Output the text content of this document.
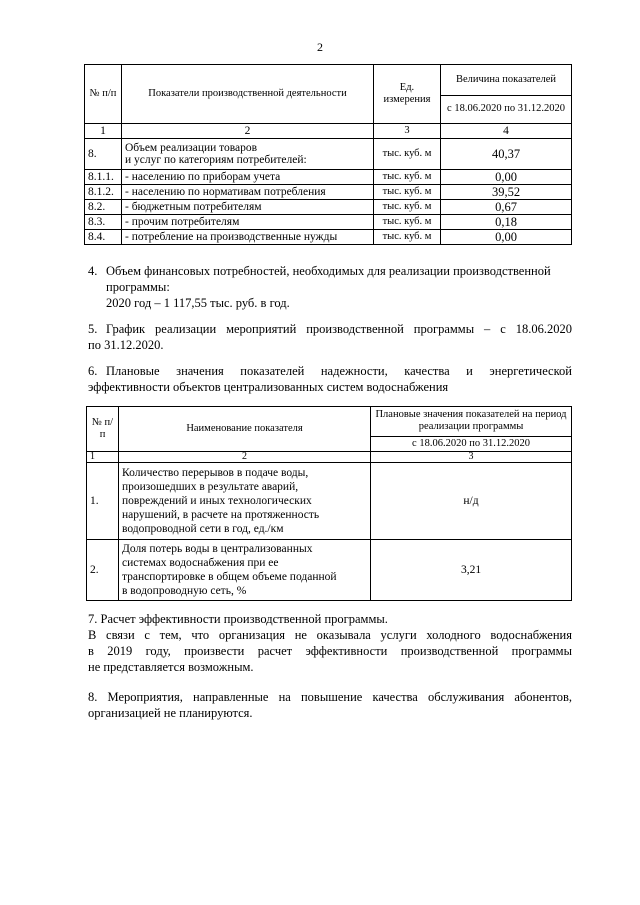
2
№ п/п	Показатели производственной деятельности	Ед. измерения	Величина показателей
			с 18.06.2020 по 31.12.2020
1	2	3	4
8.	Объем реализации товаров
и услуг по категориям потребителей:	тыс. куб. м	40,37
8.1.1.	- населению по приборам учета	тыс. куб. м	0,00
8.1.2.	- населению по нормативам потребления	тыс. куб. м	39,52
8.2.	- бюджетным потребителям	тыс. куб. м	0,67
8.3.	- прочим потребителям	тыс. куб. м	0,18
8.4.	- потребление на производственные нужды	тыс. куб. м	0,00
4. Объем финансовых потребностей, необходимых для реализации производственной
программы:
2020 год – 1 117,55 тыс. руб. в год.
5. График реализации мероприятий производственной программы – с 18.06.2020
по 31.12.2020.
6. Плановые значения показателей надежности, качества и энергетической
эффективности объектов централизованных систем водоснабжения
№ п/п	Наименование показателя	Плановые значения показателей на период реализации программы
		с 18.06.2020 по 31.12.2020
1	2	3
1.	Количество перерывов в подаче воды,
произошедших в результате аварий,
повреждений и иных технологических
нарушений, в расчете на протяженность
водопроводной сети в год, ед./км	н/д
2.	Доля потерь воды в централизованных
системах водоснабжения при ее
транспортировке в общем объеме поданной
в водопроводную сеть, %	3,21
7. Расчет эффективности производственной программы.
В связи с тем, что организация не оказывала услуги холодного водоснабжения
в 2019 году, произвести расчет эффективности производственной программы
не представляется возможным.
8. Мероприятия, направленные на повышение качества обслуживания абонентов,
организацией не планируются.
